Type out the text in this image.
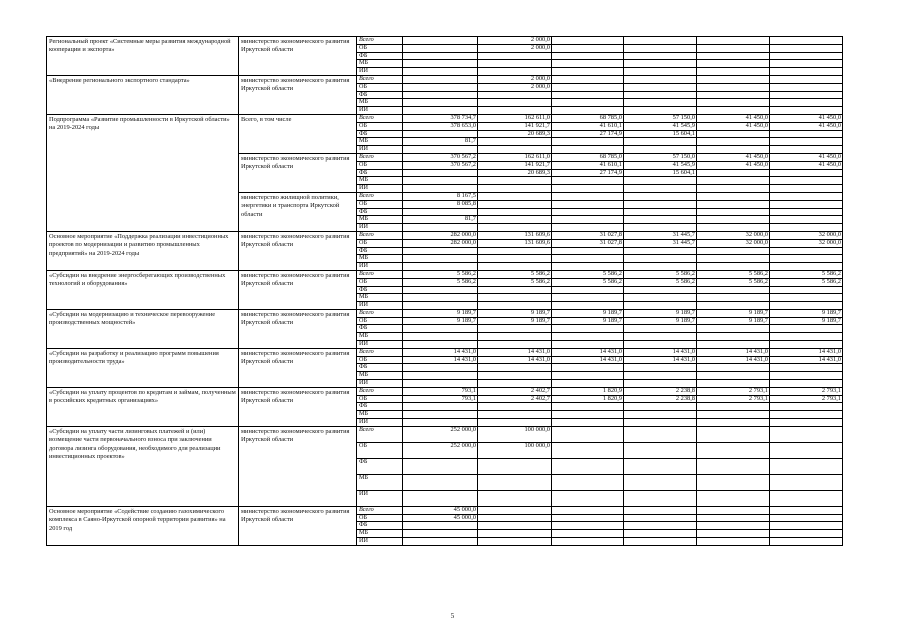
Региональный проект «Системные меры развития международной кооперации и экспорта»	министерство экономического развития Иркутской области	Всего		2 000,0				
		ОБ		2 000,0				
		ФБ						
		МБ						
		ИИ						
«Внедрение регионального экспортного стандарта»	министерство экономического развития Иркутской области	Всего		2 000,0				
		ОБ		2 000,0				
		ФБ						
		МБ						
		ИИ						
Подпрограмма «Развитие промышленности в Иркутской области» на 2019-2024 годы	Всего, в том числе	Всего	378 734,7	162 611,0	68 785,0	57 150,0	41 450,0	41 450,0
		ОБ	378 653,0	141 921,7	41 610,1	41 545,9	41 450,0	41 450,0
		ФБ		20 689,3	27 174,9	15 604,1		
		МБ	81,7					
		ИИ						
	министерство экономического развития Иркутской области	Всего	370 567,2	162 611,0	68 785,0	57 150,0	41 450,0	41 450,0
		ОБ	370 567,2	141 921,7	41 610,1	41 545,9	41 450,0	41 450,0
		ФБ		20 689,3	27 174,9	15 604,1		
		МБ						
		ИИ						
	министерство жилищной политики, энергетики и транспорта Иркутской области	Всего	8 167,5					
		ОБ	8 085,8					
		ФБ						
		МБ	81,7					
		ИИ						
Основное мероприятие «Поддержка реализации инвестиционных проектов по модернизации и развитию промышленных предприятий» на 2019-2024 годы	министерство экономического развития Иркутской области	Всего	282 000,0	131 609,6	31 027,8	31 445,7	32 000,0	32 000,0
		ОБ	282 000,0	131 609,6	31 027,8	31 445,7	32 000,0	32 000,0
		ФБ						
		МБ						
		ИИ						
«Субсидии на внедрение энергосберегающих производственных технологий и оборудования»	министерство экономического развития Иркутской области	Всего	5 586,2	5 586,2	5 586,2	5 586,2	5 586,2	5 586,2
		ОБ	5 586,2	5 586,2	5 586,2	5 586,2	5 586,2	5 586,2
		ФБ						
		МБ						
		ИИ						
«Субсидии на модернизацию и техническое перевооружение производственных мощностей»	министерство экономического развития Иркутской области	Всего	9 189,7	9 189,7	9 189,7	9 189,7	9 189,7	9 189,7
		ОБ	9 189,7	9 189,7	9 189,7	9 189,7	9 189,7	9 189,7
		ФБ						
		МБ						
		ИИ						
«Субсидии на разработку и реализацию программ повышения производительности труда»	министерство экономического развития Иркутской области	Всего	14 431,0	14 431,0	14 431,0	14 431,0	14 431,0	14 431,0
		ОБ	14 431,0	14 431,0	14 431,0	14 431,0	14 431,0	14 431,0
		ФБ						
		МБ						
		ИИ						
«Субсидии на уплату процентов по кредитам и займам, полученным в российских кредитных организациях»	министерство экономического развития Иркутской области	Всего	793,1	2 402,7	1 820,9	2 238,8	2 793,1	2 793,1
		ОБ	793,1	2 402,7	1 820,9	2 238,8	2 793,1	2 793,1
		ФБ						
		МБ						
		ИИ						
«Субсидии на уплату части лизинговых платежей и (или) возмещение части первоначального взноса при заключении договора лизинга оборудования, необходимого для реализации инвестиционных проектов»	министерство экономического развития Иркутской области	Всего	252 000,0	100 000,0				
		ОБ	252 000,0	100 000,0				
		ФБ						
		МБ						
		ИИ						
Основное мероприятие «Содействие созданию газохимического комплекса в Саяно-Иркутской опорной территории развития» на 2019 год	министерство экономического развития Иркутской области	Всего	45 000,0					
		ОБ	45 000,0					
		ФБ						
		МБ						
		ИИ						
5
